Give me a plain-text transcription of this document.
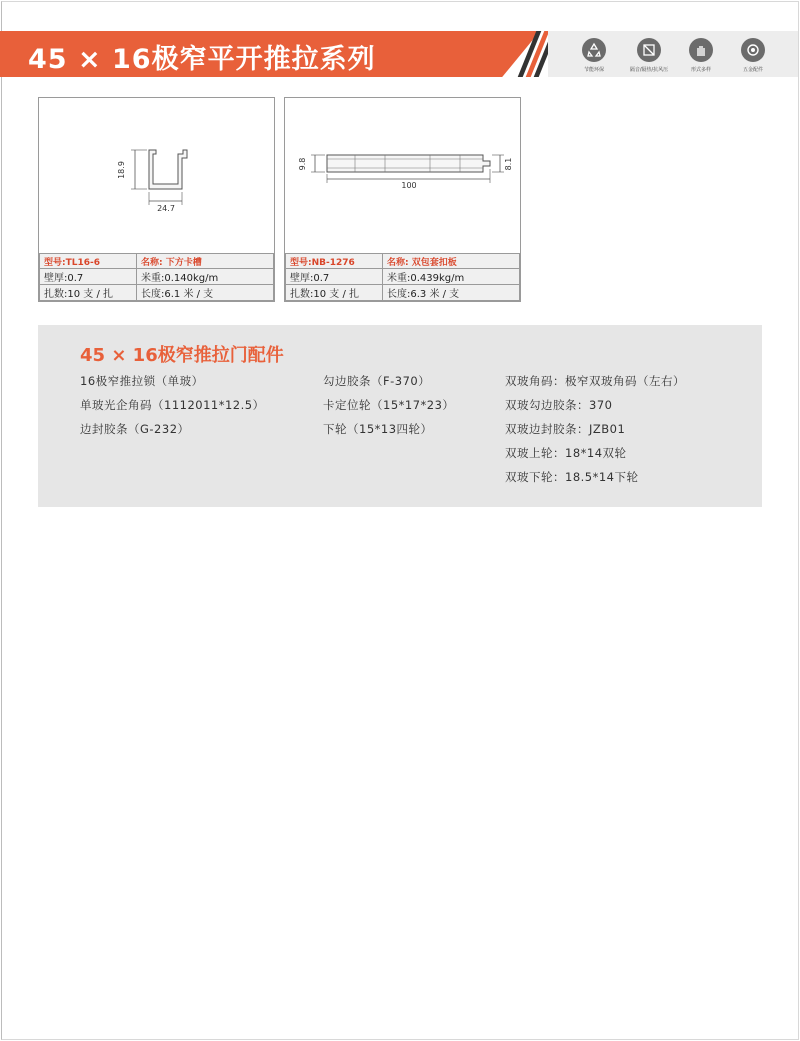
45 × 16极窄平开推拉系列	节能环保	隔音/隔热/抗风压	形式多样	五金配件
18.9
24.7
型号:TL16-6	名称: 下方卡槽
壁厚:0.7	米重:0.140kg/m
扎数:10 支 / 扎	长度:6.1 米 / 支
9.8	8.1
100
型号:NB-1276	名称: 双包套扣板
壁厚:0.7	米重:0.439kg/m
扎数:10 支 / 扎	长度:6.3 米 / 支
45 × 16极窄推拉门配件
16极窄推拉锁（单玻）
单玻光企角码（1112011*12.5）
边封胶条（G-232）
勾边胶条（F-370）
卡定位轮（15*17*23）
下轮（15*13四轮）
双玻角码：极窄双玻角码（左右）
双玻勾边胶条：370
双玻边封胶条：JZB01
双玻上轮：18*14双轮
双玻下轮：18.5*14下轮
